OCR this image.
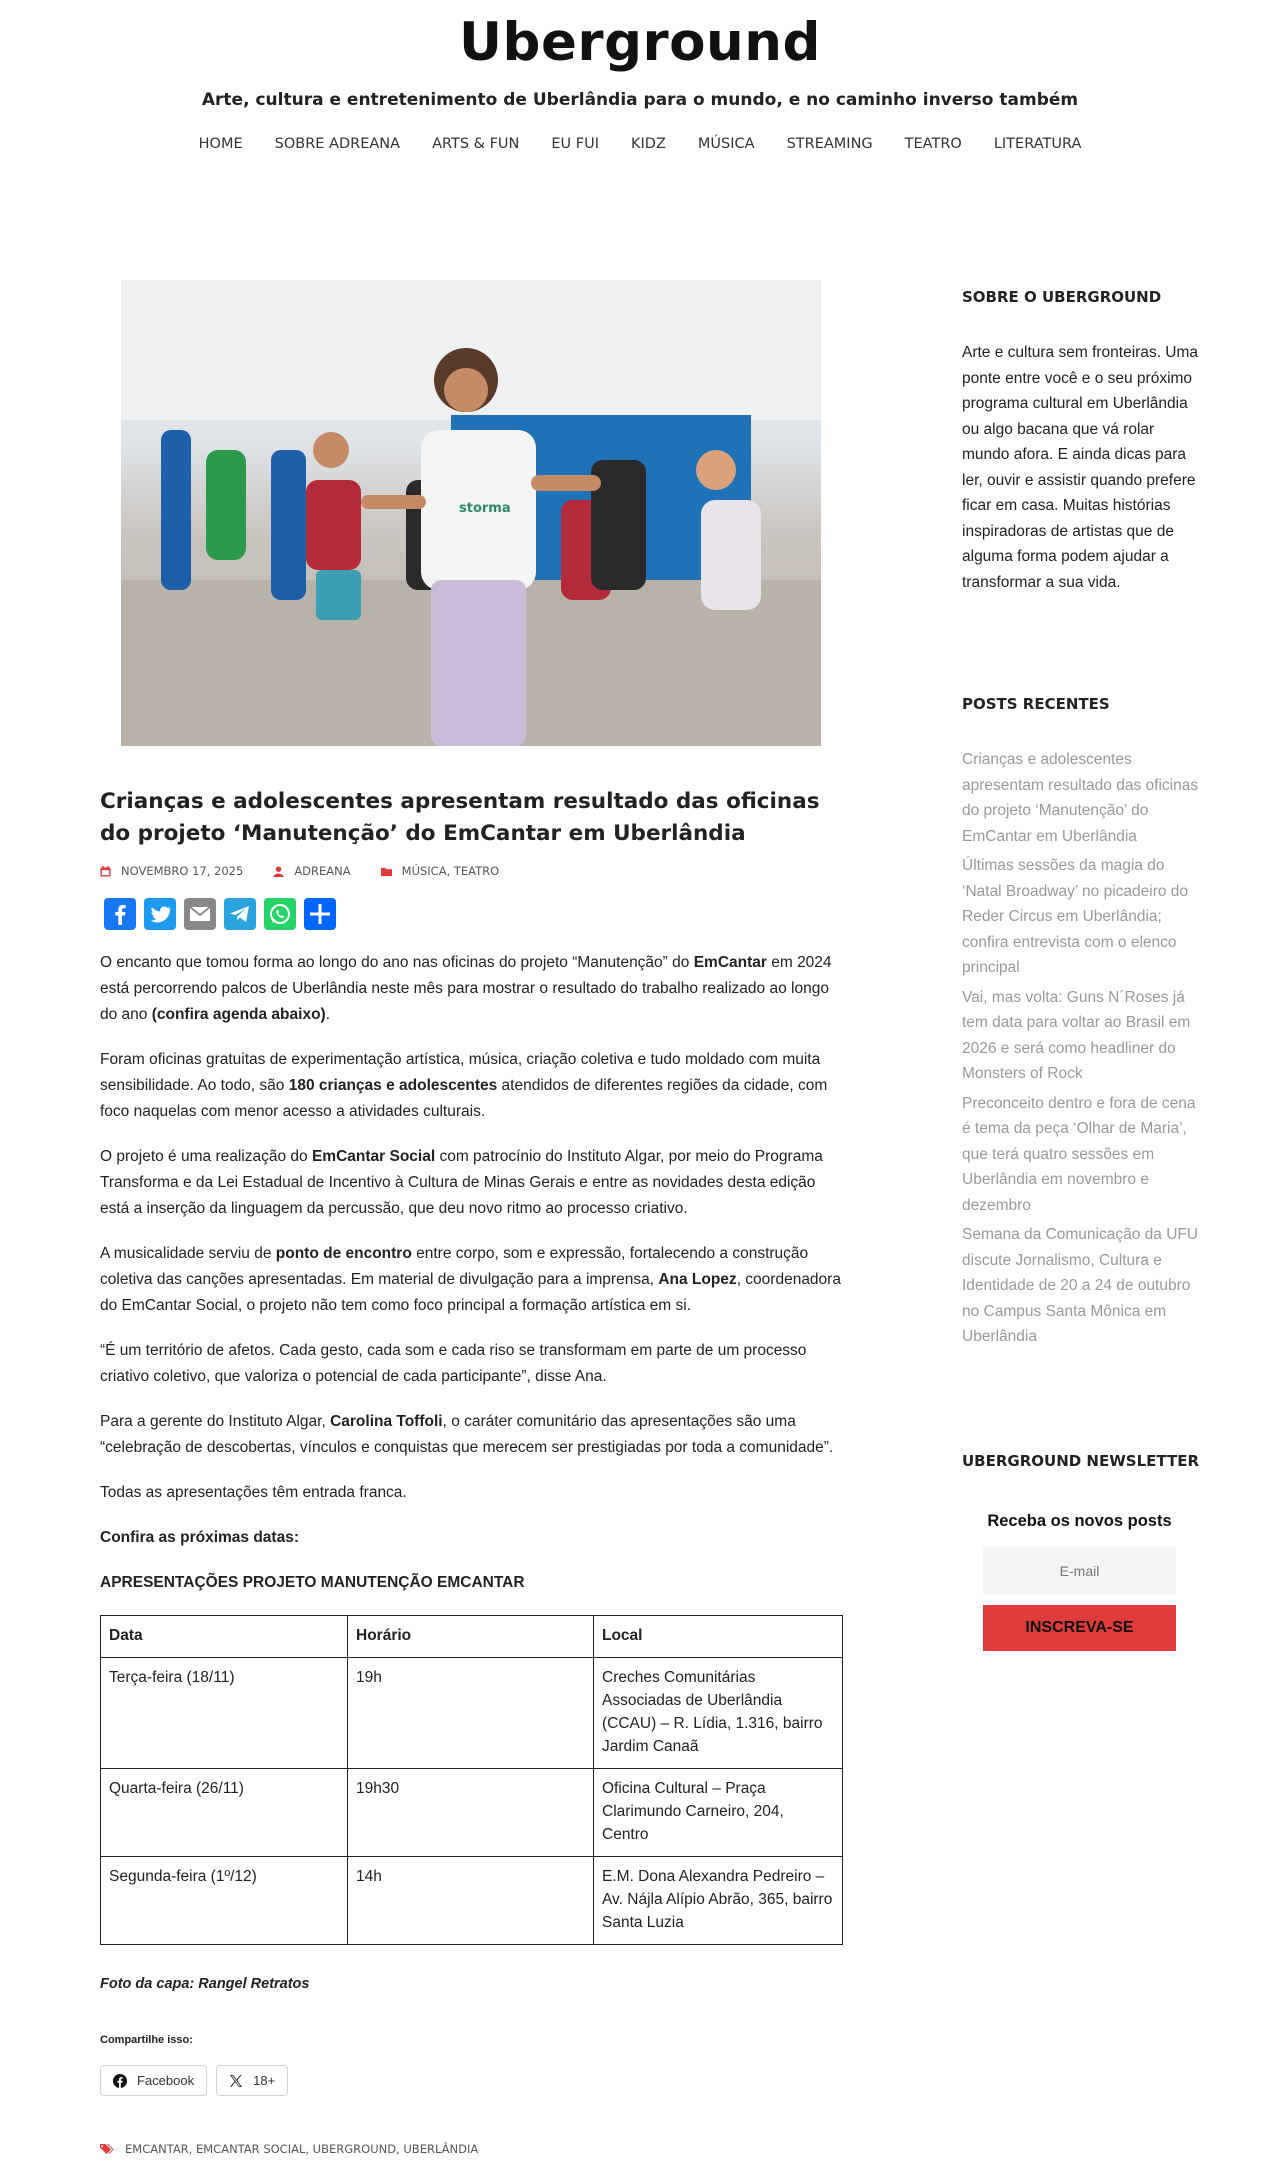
Uberground
Arte, cultura e entretenimento de Uberlândia para o mundo, e no caminho inverso também
HOME SOBRE ADREANA ARTS & FUN EU FUI KIDZ MÚSICA STREAMING TEATRO LITERATURA
storma
Crianças e adolescentes apresentam resultado das oficinas do projeto ‘Manutenção’ do EmCantar em Uberlândia
NOVEMBRO 17, 2025	ADREANA	MÚSICA, TEATRO

O encanto que tomou forma ao longo do ano nas oficinas do projeto “Manutenção” do EmCantar em 2024 está percorrendo palcos de Uberlândia neste mês para mostrar o resultado do trabalho realizado ao longo do ano (confira agenda abaixo).

Foram oficinas gratuitas de experimentação artística, música, criação coletiva e tudo moldado com muita sensibilidade. Ao todo, são 180 crianças e adolescentes atendidos de diferentes regiões da cidade, com foco naquelas com menor acesso a atividades culturais.

O projeto é uma realização do EmCantar Social com patrocínio do Instituto Algar, por meio do Programa Transforma e da Lei Estadual de Incentivo à Cultura de Minas Gerais e entre as novidades desta edição está a inserção da linguagem da percussão, que deu novo ritmo ao processo criativo.

A musicalidade serviu de ponto de encontro entre corpo, som e expressão, fortalecendo a construção coletiva das canções apresentadas. Em material de divulgação para a imprensa, Ana Lopez, coordenadora do EmCantar Social, o projeto não tem como foco principal a formação artística em si.

“É um território de afetos. Cada gesto, cada som e cada riso se transformam em parte de um processo criativo coletivo, que valoriza o potencial de cada participante”, disse Ana.

Para a gerente do Instituto Algar, Carolina Toffoli, o caráter comunitário das apresentações são uma “celebração de descobertas, vínculos e conquistas que merecem ser prestigiadas por toda a comunidade”.

Todas as apresentações têm entrada franca.

Confira as próximas datas:

APRESENTAÇÕES PROJETO MANUTENÇÃO EMCANTAR
Data	Horário	Local
Terça-feira (18/11)	19h	Creches Comunitárias Associadas de Uberlândia (CCAU) – R. Lídia, 1.316, bairro Jardim Canaã
Quarta-feira (26/11)	19h30	Oficina Cultural – Praça Clarimundo Carneiro, 204, Centro
Segunda-feira (1º/12)	14h	E.M. Dona Alexandra Pedreiro – Av. Nájla Alípio Abrão, 365, bairro Santa Luzia
Foto da capa: Rangel Retratos
Compartilhe isso:
Facebook	18+
EMCANTAR, EMCANTAR SOCIAL, UBERGROUND, UBERLÂNDIA
SOBRE O UBERGROUND
Arte e cultura sem fronteiras. Uma ponte entre você e o seu próximo programa cultural em Uberlândia ou algo bacana que vá rolar mundo afora. E ainda dicas para ler, ouvir e assistir quando prefere ficar em casa. Muitas histórias inspiradoras de artistas que de alguma forma podem ajudar a transformar a sua vida.
POSTS RECENTES
Crianças e adolescentes apresentam resultado das oficinas do projeto ‘Manutenção’ do EmCantar em Uberlândia
Últimas sessões da magia do ‘Natal Broadway’ no picadeiro do Reder Circus em Uberlândia; confira entrevista com o elenco principal
Vai, mas volta: Guns N´Roses já tem data para voltar ao Brasil em 2026 e será como headliner do Monsters of Rock
Preconceito dentro e fora de cena é tema da peça ‘Olhar de Maria’, que terá quatro sessões em Uberlândia em novembro e dezembro
Semana da Comunicação da UFU discute Jornalismo, Cultura e Identidade de 20 a 24 de outubro no Campus Santa Mônica em Uberlândia
UBERGROUND NEWSLETTER
Receba os novos posts
E-mail INSCREVA-SE
